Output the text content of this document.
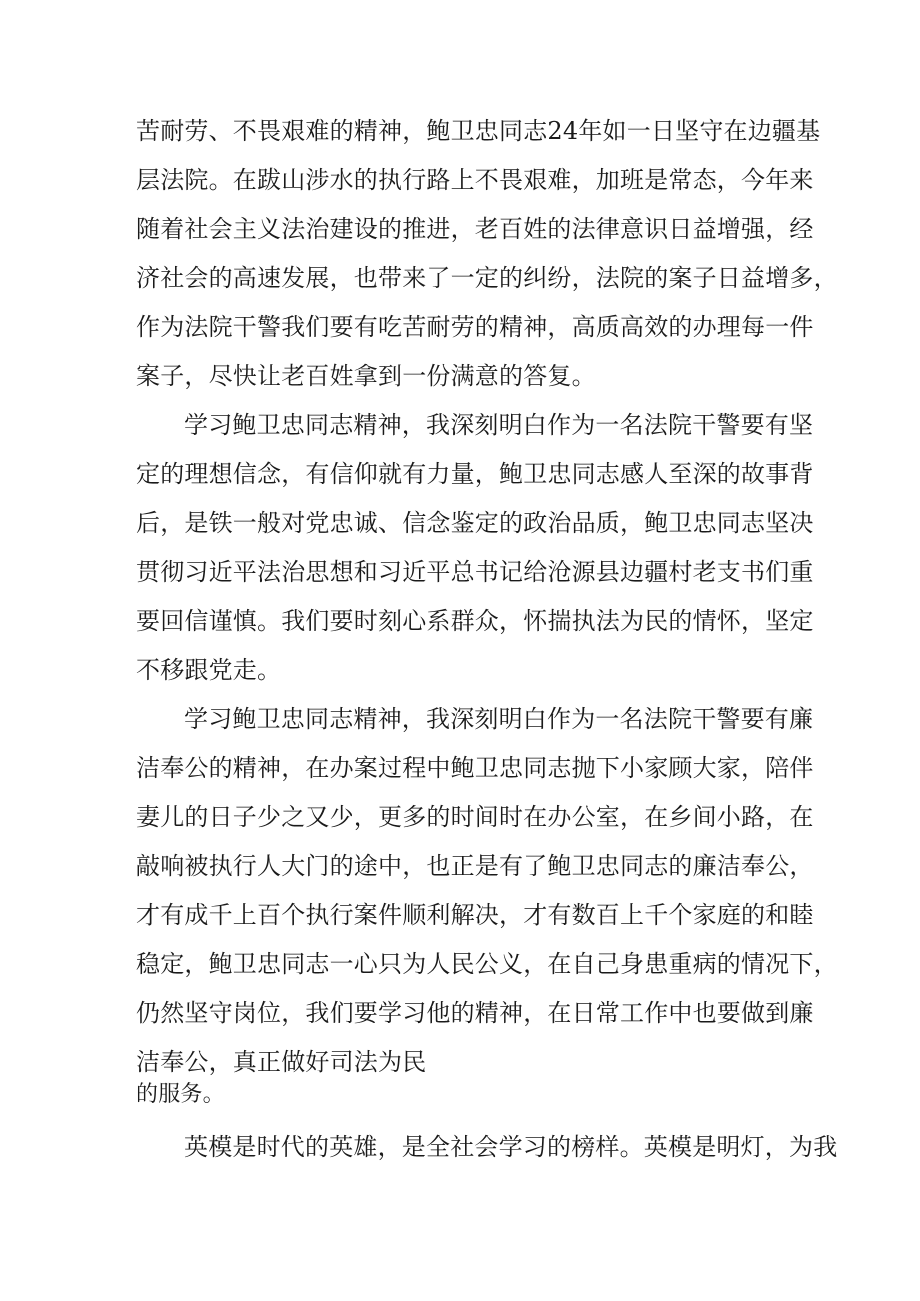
苦耐劳、不畏艰难的精神，鲍卫忠同志24年如一日坚守在边疆基
层法院。在跋山涉水的执行路上不畏艰难，加班是常态，今年来
随着社会主义法治建设的推进，老百姓的法律意识日益增强，经
济社会的高速发展，也带来了一定的纠纷，法院的案子日益增多，
作为法院干警我们要有吃苦耐劳的精神，高质高效的办理每一件
案子，尽快让老百姓拿到一份满意的答复。
学习鲍卫忠同志精神，我深刻明白作为一名法院干警要有坚
定的理想信念，有信仰就有力量，鲍卫忠同志感人至深的故事背
后，是铁一般对党忠诚、信念鉴定的政治品质，鲍卫忠同志坚决
贯彻习近平法治思想和习近平总书记给沧源县边疆村老支书们重
要回信谨慎。我们要时刻心系群众，怀揣执法为民的情怀，坚定
不移跟党走。
学习鲍卫忠同志精神，我深刻明白作为一名法院干警要有廉
洁奉公的精神，在办案过程中鲍卫忠同志抛下小家顾大家，陪伴
妻儿的日子少之又少，更多的时间时在办公室，在乡间小路，在
敲响被执行人大门的途中，也正是有了鲍卫忠同志的廉洁奉公，
才有成千上百个执行案件顺利解决，才有数百上千个家庭的和睦
稳定，鲍卫忠同志一心只为人民公义，在自己身患重病的情况下，
仍然坚守岗位，我们要学习他的精神，在日常工作中也要做到廉
洁奉公，真正做好司法为民
的服务。
英模是时代的英雄，是全社会学习的榜样。英模是明灯，为我
